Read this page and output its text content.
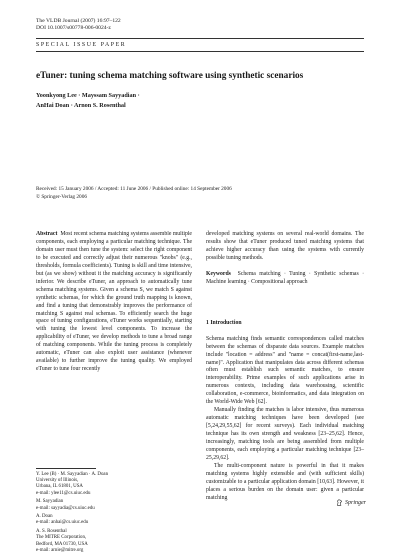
The VLDB Journal (2007) 16:97–122
DOI 10.1007/s00778-006-0024-z
SPECIAL ISSUE PAPER
eTuner: tuning schema matching software using synthetic scenarios
Yoonkyong Lee · Mayssam Sayyadian ·
AnHai Doan · Arnon S. Rosenthal
Received: 15 January 2006 / Accepted: 11 June 2006 / Published online: 14 September 2006
© Springer-Verlag 2006

Abstract Most recent schema matching systems assemble multiple components, each employing a particular matching technique. The domain user must then tune the system: select the right component to be executed and correctly adjust their numerous "knobs" (e.g., thresholds, formula coefficients). Tuning is skill and time intensive, but (as we show) without it the matching accuracy is significantly inferior. We describe eTuner, an approach to automatically tune schema matching systems. Given a schema S, we match S against synthetic schemas, for which the ground truth mapping is known, and find a tuning that demonstrably improves the performance of matching S against real schemas. To efficiently search the huge space of tuning configurations, eTuner works sequentially, starting with tuning the lowest level components. To increase the applicability of eTuner, we develop methods to tune a broad range of matching components. While the tuning process is completely automatic, eTuner can also exploit user assistance (whenever available) to further improve the tuning quality. We employed eTuner to tune four recently

developed matching systems on several real-world domains. The results show that eTuner produced tuned matching systems that achieve higher accuracy than using the systems with currently possible tuning methods.

Keywords Schema matching · Tuning · Synthetic schemas · Machine learning · Compositional approach

1 Introduction

Schema matching finds semantic correspondences called matches between the schemas of disparate data sources. Example matches include "location = address" and "name = concat(first-name,last-name)". Application that manipulates data across different schemas often must establish such semantic matches, to ensure interoperability. Prime examples of such applications arise in numerous contexts, including data warehousing, scientific collaboration, e-commerce, bioinformatics, and data integration on the World-Wide Web [62].

Manually finding the matches is labor intensive, thus numerous automatic matching techniques have been developed (see [5,24,29,55,62] for recent surveys). Each individual matching technique has its own strength and weakness [23–25,62]. Hence, increasingly, matching tools are being assembled from multiple components, each employing a particular matching technique [23–25,29,62].

The multi-component nature is powerful in that it makes matching systems highly extensible and (with sufficient skills) customizable to a particular application domain [10,63]. However, it places a serious burden on the domain user: given a particular matching

Y. Lee (B) · M. Sayyadian · A. Doan
University of Illinois,
Urbana, IL 61801, USA
e-mail: ylee11@cs.uiuc.edu

M. Sayyadian
e-mail: sayyadia@cs.uiuc.edu

A. Doan
e-mail: anhai@cs.uiuc.edu

A. S. Rosenthal
The MITRE Corporation,
Bedford, MA 01730, USA
e-mail: arnie@mitre.org

Springer
